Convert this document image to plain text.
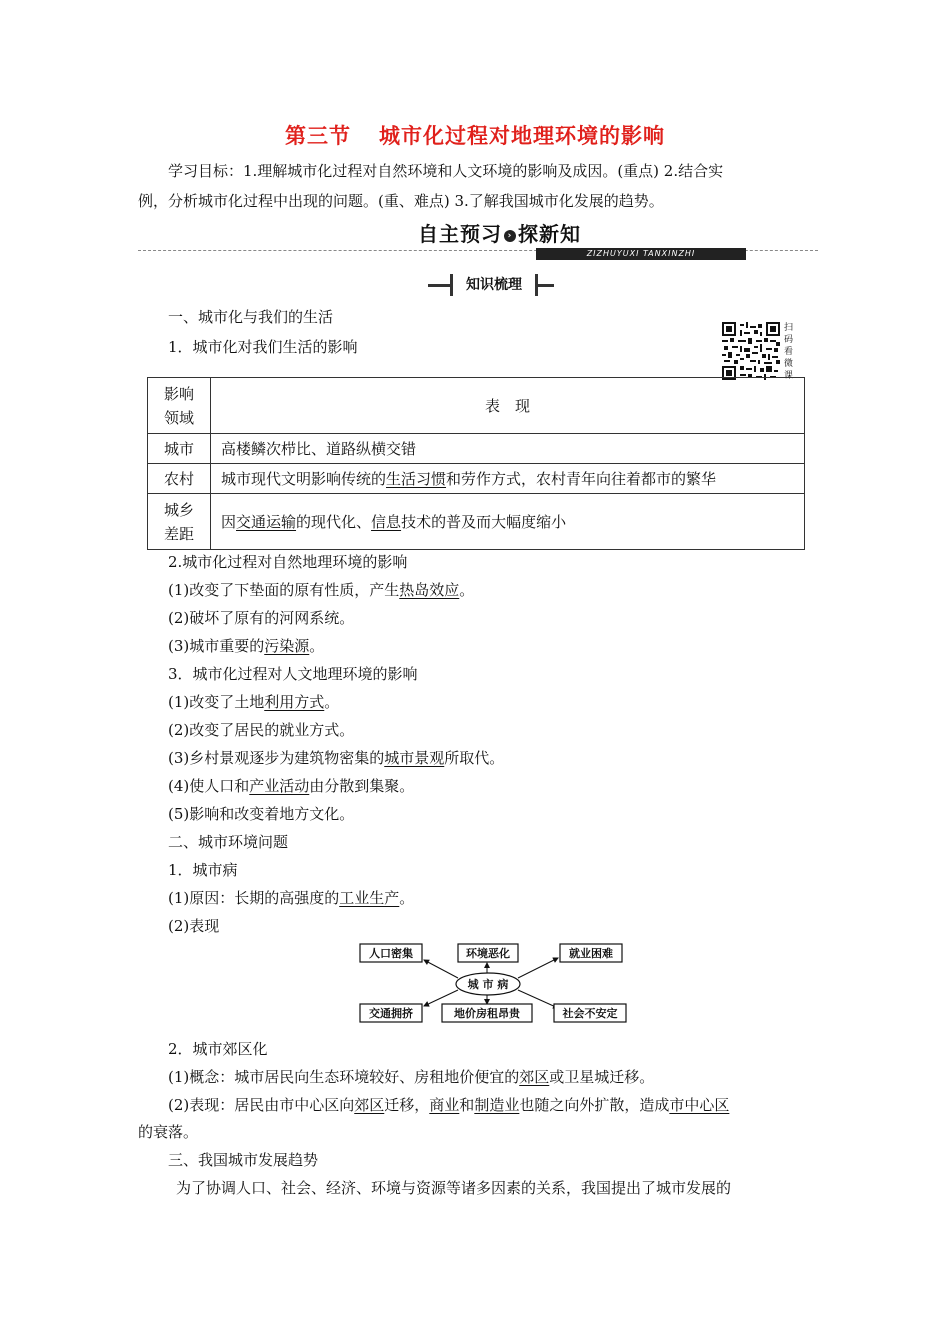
第三节 城市化过程对地理环境的影响
学习目标：1.理解城市化过程对自然环境和人文环境的影响及成因。(重点) 2.结合实
例，分析城市化过程中出现的问题。(重、难点) 3.了解我国城市化发展的趋势。
自主预习 › 探新知
ZIZHUYUXI TANXINZHI
知识梳理
一、城市化与我们的生活
1．城市化对我们生活的影响
扫码看微课
影响
领域	表　现
城市	高楼鳞次栉比、道路纵横交错
农村	城市现代文明影响传统的生活习惯和劳作方式，农村青年向往着都市的繁华

城乡
差距	因交通运输的现代化、信息技术的普及而大幅度缩小
2.城市化过程对自然地理环境的影响
(1)改变了下垫面的原有性质，产生热岛效应。
(2)破坏了原有的河网系统。
(3)城市重要的污染源。
3．城市化过程对人文地理环境的影响
(1)改变了土地利用方式。
(2)改变了居民的就业方式。
(3)乡村景观逐步为建筑物密集的城市景观所取代。
(4)使人口和产业活动由分散到集聚。
(5)影响和改变着地方文化。
二、城市环境问题
1．城市病
(1)原因：长期的高强度的工业生产。
(2)表现
城 市 病
人口密集	环境恶化	就业困难
交通拥挤	地价房租昂贵	社会不安定
2．城市郊区化
(1)概念：城市居民向生态环境较好、房租地价便宜的郊区或卫星城迁移。
(2)表现：居民由市中心区向郊区迁移，商业和制造业也随之向外扩散，造成市中心区
的衰落。
三、我国城市发展趋势
为了协调人口、社会、经济、环境与资源等诸多因素的关系，我国提出了城市发展的
